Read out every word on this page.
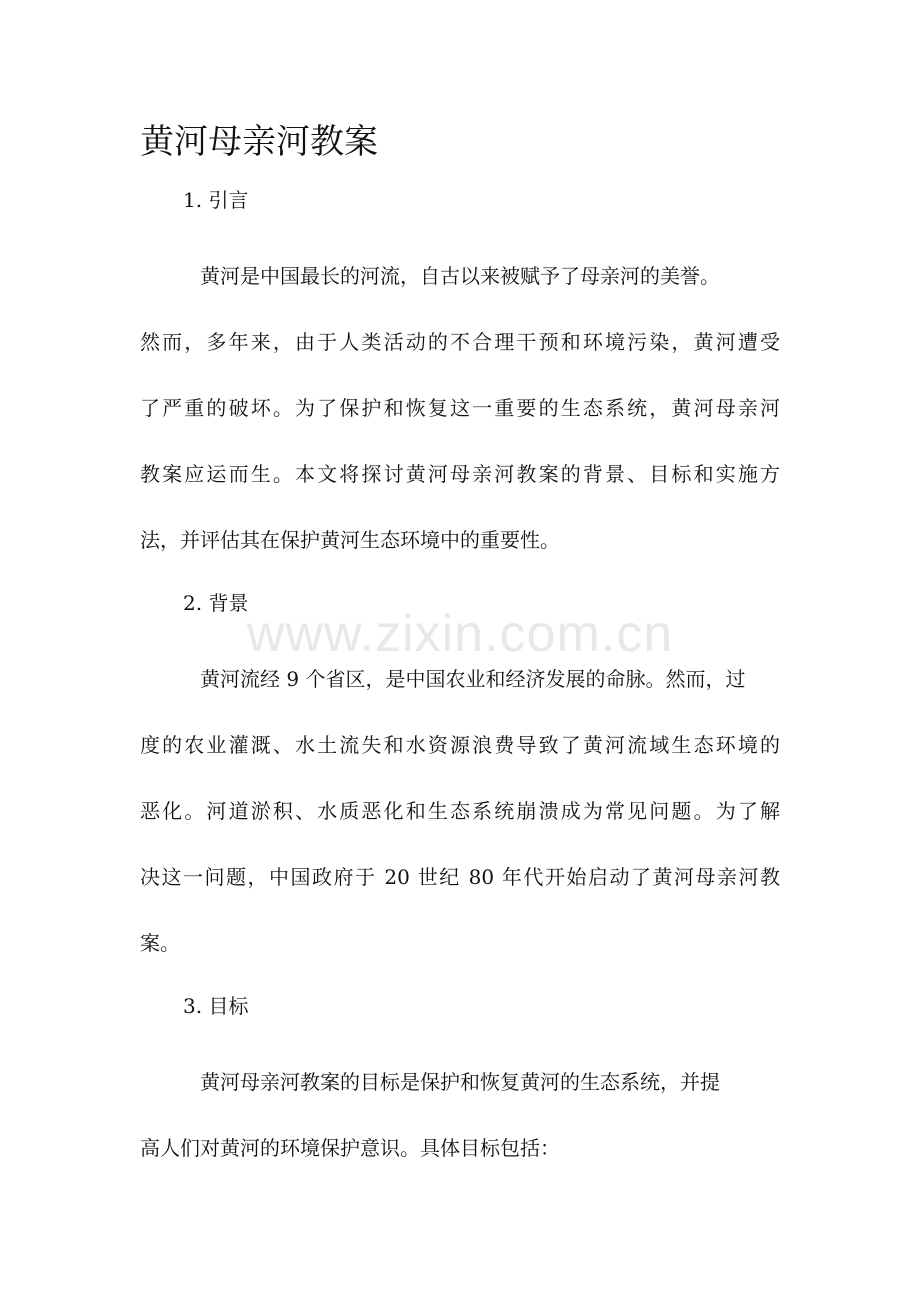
黄河母亲河教案
1. 引言
黄河是中国最长的河流，自古以来被赋予了母亲河的美誉。
然而，多年来，由于人类活动的不合理干预和环境污染，黄河遭受
了严重的破坏。为了保护和恢复这一重要的生态系统，黄河母亲河
教案应运而生。本文将探讨黄河母亲河教案的背景、目标和实施方
法，并评估其在保护黄河生态环境中的重要性。
2. 背景
黄河流经 9 个省区，是中国农业和经济发展的命脉。然而，过
度的农业灌溉、水土流失和水资源浪费导致了黄河流域生态环境的
恶化。河道淤积、水质恶化和生态系统崩溃成为常见问题。为了解
决这一问题，中国政府于 20 世纪 80 年代开始启动了黄河母亲河教
案。
3. 目标
黄河母亲河教案的目标是保护和恢复黄河的生态系统，并提
高人们对黄河的环境保护意识。具体目标包括：
www.zixin.com.cn
